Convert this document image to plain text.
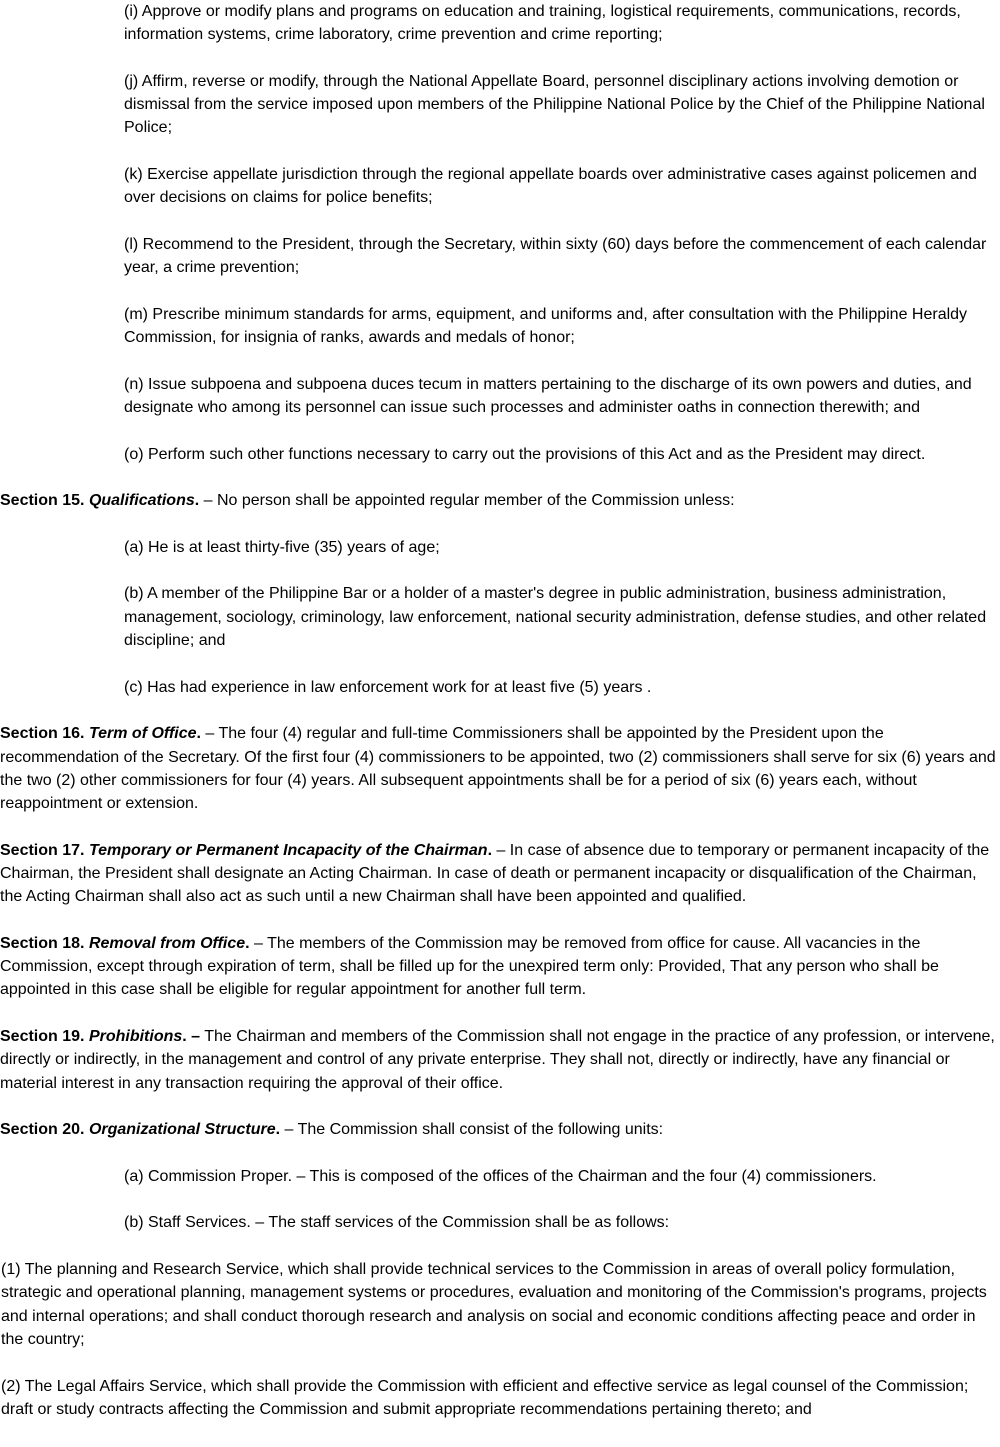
(i) Approve or modify plans and programs on education and training, logistical requirements, communications, records, information systems, crime laboratory, crime prevention and crime reporting;

(j) Affirm, reverse or modify, through the National Appellate Board, personnel disciplinary actions involving demotion or dismissal from the service imposed upon members of the Philippine National Police by the Chief of the Philippine National Police;

(k) Exercise appellate jurisdiction through the regional appellate boards over administrative cases against policemen and over decisions on claims for police benefits;

(l) Recommend to the President, through the Secretary, within sixty (60) days before the commencement of each calendar year, a crime prevention;

(m) Prescribe minimum standards for arms, equipment, and uniforms and, after consultation with the Philippine Heraldy Commission, for insignia of ranks, awards and medals of honor;

(n) Issue subpoena and subpoena duces tecum in matters pertaining to the discharge of its own powers and duties, and designate who among its personnel can issue such processes and administer oaths in connection therewith; and

(o) Perform such other functions necessary to carry out the provisions of this Act and as the President may direct.

Section 15. Qualifications. – No person shall be appointed regular member of the Commission unless:

(a) He is at least thirty-five (35) years of age;

(b) A member of the Philippine Bar or a holder of a master's degree in public administration, business administration, management, sociology, criminology, law enforcement, national security administration, defense studies, and other related discipline; and

(c) Has had experience in law enforcement work for at least five (5) years .

Section 16. Term of Office. – The four (4) regular and full-time Commissioners shall be appointed by the President upon the recommendation of the Secretary. Of the first four (4) commissioners to be appointed, two (2) commissioners shall serve for six (6) years and the two (2) other commissioners for four (4) years. All subsequent appointments shall be for a period of six (6) years each, without reappointment or extension.

Section 17. Temporary or Permanent Incapacity of the Chairman. – In case of absence due to temporary or permanent incapacity of the Chairman, the President shall designate an Acting Chairman. In case of death or permanent incapacity or disqualification of the Chairman, the Acting Chairman shall also act as such until a new Chairman shall have been appointed and qualified.

Section 18. Removal from Office. – The members of the Commission may be removed from office for cause. All vacancies in the Commission, except through expiration of term, shall be filled up for the unexpired term only: Provided, That any person who shall be appointed in this case shall be eligible for regular appointment for another full term.

Section 19. Prohibitions. – The Chairman and members of the Commission shall not engage in the practice of any profession, or intervene, directly or indirectly, in the management and control of any private enterprise. They shall not, directly or indirectly, have any financial or material interest in any transaction requiring the approval of their office.

Section 20. Organizational Structure. – The Commission shall consist of the following units:

(a) Commission Proper. – This is composed of the offices of the Chairman and the four (4) commissioners.

(b) Staff Services. – The staff services of the Commission shall be as follows:

(1) The planning and Research Service, which shall provide technical services to the Commission in areas of overall policy formulation, strategic and operational planning, management systems or procedures, evaluation and monitoring of the Commission's programs, projects and internal operations; and shall conduct thorough research and analysis on social and economic conditions affecting peace and order in the country;

(2) The Legal Affairs Service, which shall provide the Commission with efficient and effective service as legal counsel of the Commission; draft or study contracts affecting the Commission and submit appropriate recommendations pertaining thereto; and
